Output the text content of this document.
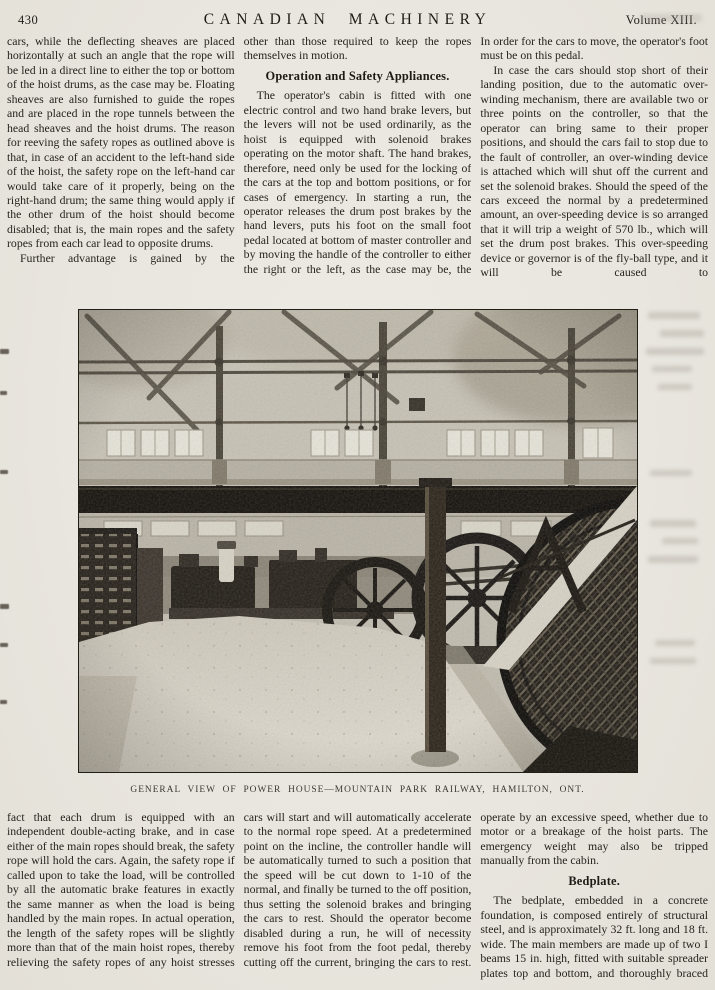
430	CANADIAN MACHINERY	Volume XIII.

cars, while the deflecting sheaves are placed horizontally at such an angle that the rope will be led in a direct line to either the top or bottom of the hoist drums, as the case may be. Floating sheaves are also furnished to guide the ropes and are placed in the rope tunnels between the head sheaves and the hoist drums. The reason for reeving the safety ropes as outlined above is that, in case of an accident to the left-hand side of the hoist, the safety rope on the left-hand car would take care of it properly, being on the right-hand drum; the same thing would apply if the other drum of the hoist should become disabled; that is, the main ropes and the safety ropes from each car lead to opposite drums.

Further advantage is gained by the

other than those required to keep the ropes themselves in motion.

Operation and Safety Appliances.

The operator's cabin is fitted with one electric control and two hand brake levers, but the levers will not be used ordinarily, as the hoist is equipped with solenoid brakes operating on the motor shaft. The hand brakes, therefore, need only be used for the locking of the cars at the top and bottom positions, or for cases of emergency. In starting a run, the operator releases the drum post brakes by the hand levers, puts his foot on the small foot pedal located at bottom of master controller and by moving the handle of the controller to either the right or the left, as the case may be, the

In order for the cars to move, the operator's foot must be on this pedal.

In case the cars should stop short of their landing position, due to the automatic over-winding mechanism, there are available two or three points on the controller, so that the operator can bring same to their proper positions, and should the cars fail to stop due to the fault of controller, an over-winding device is attached which will shut off the current and set the solenoid brakes. Should the speed of the cars exceed the normal by a predetermined amount, an over-speeding device is so arranged that it will trip a weight of 570 lb., which will set the drum post brakes. This over-speeding device or governor is of the fly-ball type, and it will be caused to

GENERAL VIEW OF POWER HOUSE—MOUNTAIN PARK RAILWAY, HAMILTON, ONT.

fact that each drum is equipped with an independent double-acting brake, and in case either of the main ropes should break, the safety rope will hold the cars. Again, the safety rope if called upon to take the load, will be controlled by all the automatic brake features in exactly the same manner as when the load is being handled by the main ropes. In actual operation, the length of the safety ropes will be slightly more than that of the main hoist ropes, thereby relieving the safety ropes of any hoist stresses

cars will start and will automatically accelerate to the normal rope speed. At a predetermined point on the incline, the controller handle will be automatically turned to such a position that the speed will be cut down to 1-10 of the normal, and finally be turned to the off position, thus setting the solenoid brakes and bringing the cars to rest. Should the operator become disabled during a run, he will of necessity remove his foot from the foot pedal, thereby cutting off the current, bringing the cars to rest.

operate by an excessive speed, whether due to motor or a breakage of the hoist parts. The emergency weight may also be tripped manually from the cabin.

Bedplate.

The bedplate, embedded in a concrete foundation, is composed entirely of structural steel, and is approximately 32 ft. long and 18 ft. wide. The main members are made up of two I beams 15 in. high, fitted with suitable spreader plates top and bottom, and thoroughly braced
